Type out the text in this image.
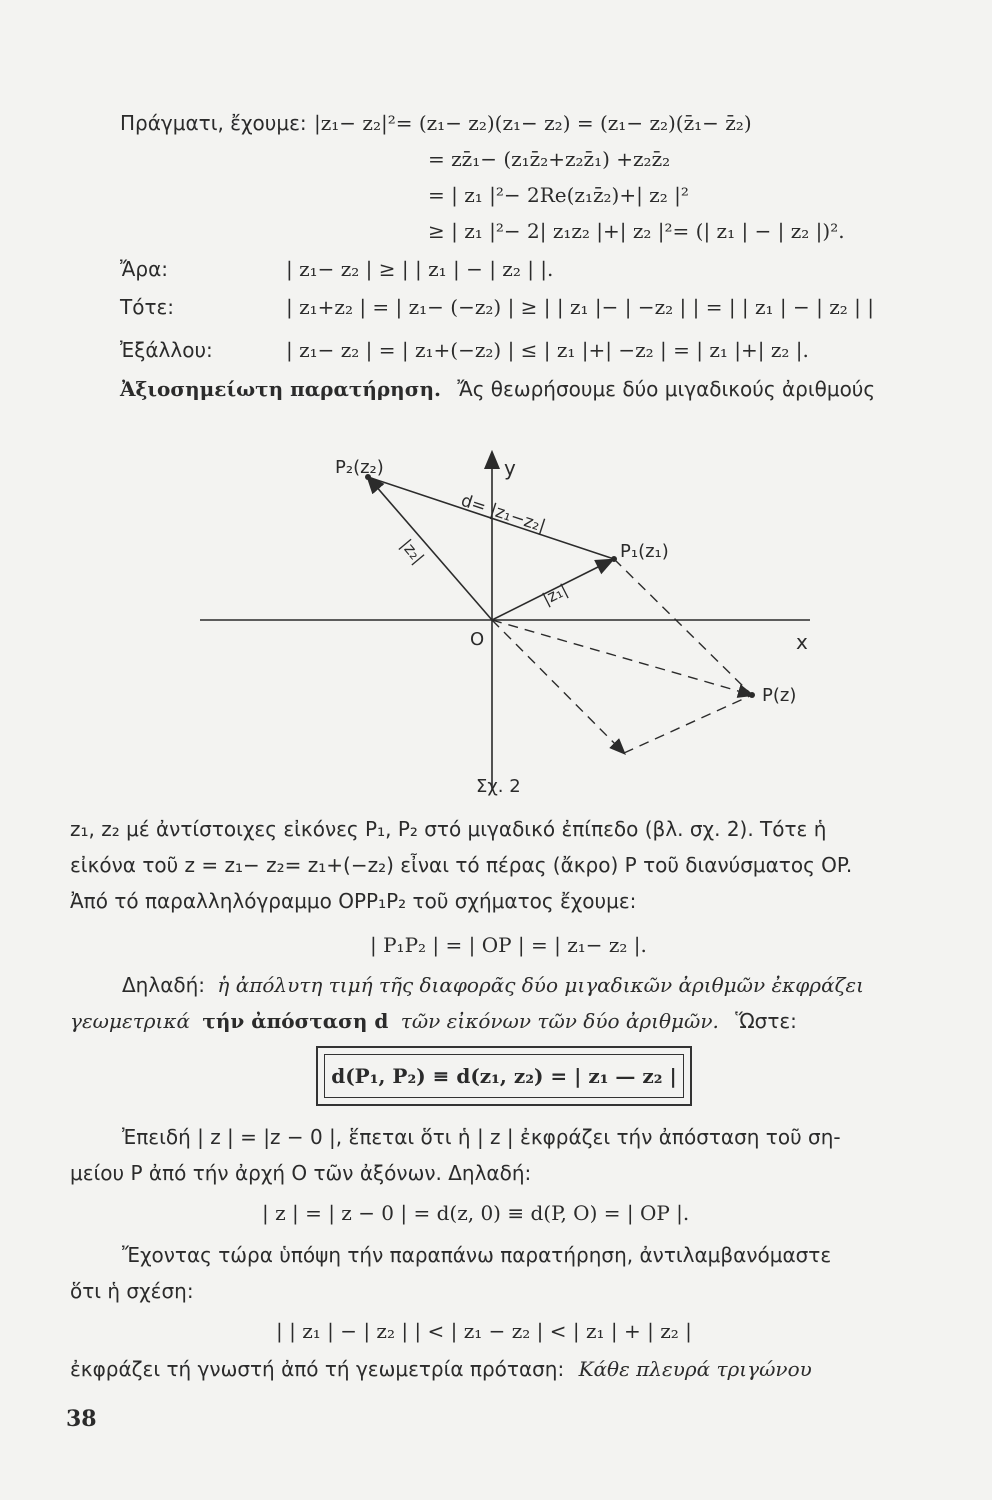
Πράγματι, ἔχουμε: |z₁− z₂|²= (z₁− z₂)(z₁− z₂) = (z₁− z₂)(z̄₁− z̄₂)
= zz̄₁− (z₁z̄₂+z₂z̄₁) +z₂z̄₂
= | z₁ |²− 2Re(z₁z̄₂)+| z₂ |²
≥ | z₁ |²− 2| z₁z₂ |+| z₂ |²= (| z₁ | − | z₂ |)².
Ἄρα:	| z₁− z₂ | ≥ | | z₁ | − | z₂ | |.
Τότε:	| z₁+z₂ | = | z₁− (−z₂) | ≥ | | z₁ |− | −z₂ | | = | | z₁ | − | z₂ | |
Ἐξάλλου:	| z₁− z₂ | = | z₁+(−z₂) | ≤ | z₁ |+| −z₂ | = | z₁ |+| z₂ |.
Ἀξιοσημείωτη παρατήρηση. Ἄς θεωρήσουμε δύο μιγαδικούς ἀριθμούς
y
x
O
P₂(z₂)
P₁(z₁)
P(z)
d= |z₁−z₂|
|z₁|
|z₂|
Σχ. 2
z₁, z₂ μέ ἀντίστοιχες εἰκόνες P₁, P₂ στό μιγαδικό ἐπίπεδο (βλ. σχ. 2). Τότε ἡ
εἰκόνα τοῦ z = z₁− z₂= z₁+(−z₂) εἶναι τό πέρας (ἄκρο) P τοῦ διανύσματος OP.
Ἀπό τό παραλληλόγραμμο OPP₁P₂ τοῦ σχήματος ἔχουμε:
| P₁P₂ | = | OP | = | z₁− z₂ |.
Δηλαδή: ἡ ἀπόλυτη τιμή τῆς διαφορᾶς δύο μιγαδικῶν ἀριθμῶν ἐκφράζει
γεωμετρικά τήν ἀπόσταση d τῶν εἰκόνων τῶν δύο ἀριθμῶν. Ὥστε:
d(P₁, P₂) ≡ d(z₁, z₂) = | z₁ — z₂ |
Ἐπειδή | z | = |z − 0 |, ἕπεται ὅτι ἡ | z | ἐκφράζει τήν ἀπόσταση τοῦ ση-
μείου P ἀπό τήν ἀρχή O τῶν ἀξόνων. Δηλαδή:
| z | = | z − 0 | = d(z, 0) ≡ d(P, O) = | OP |.
Ἔχοντας τώρα ὑπόψη τήν παραπάνω παρατήρηση, ἀντιλαμβανόμαστε
ὅτι ἡ σχέση:
| | z₁ | − | z₂ | | < | z₁ − z₂ | < | z₁ | + | z₂ |
ἐκφράζει τή γνωστή ἀπό τή γεωμετρία πρόταση: Κάθε πλευρά τριγώνου
38
